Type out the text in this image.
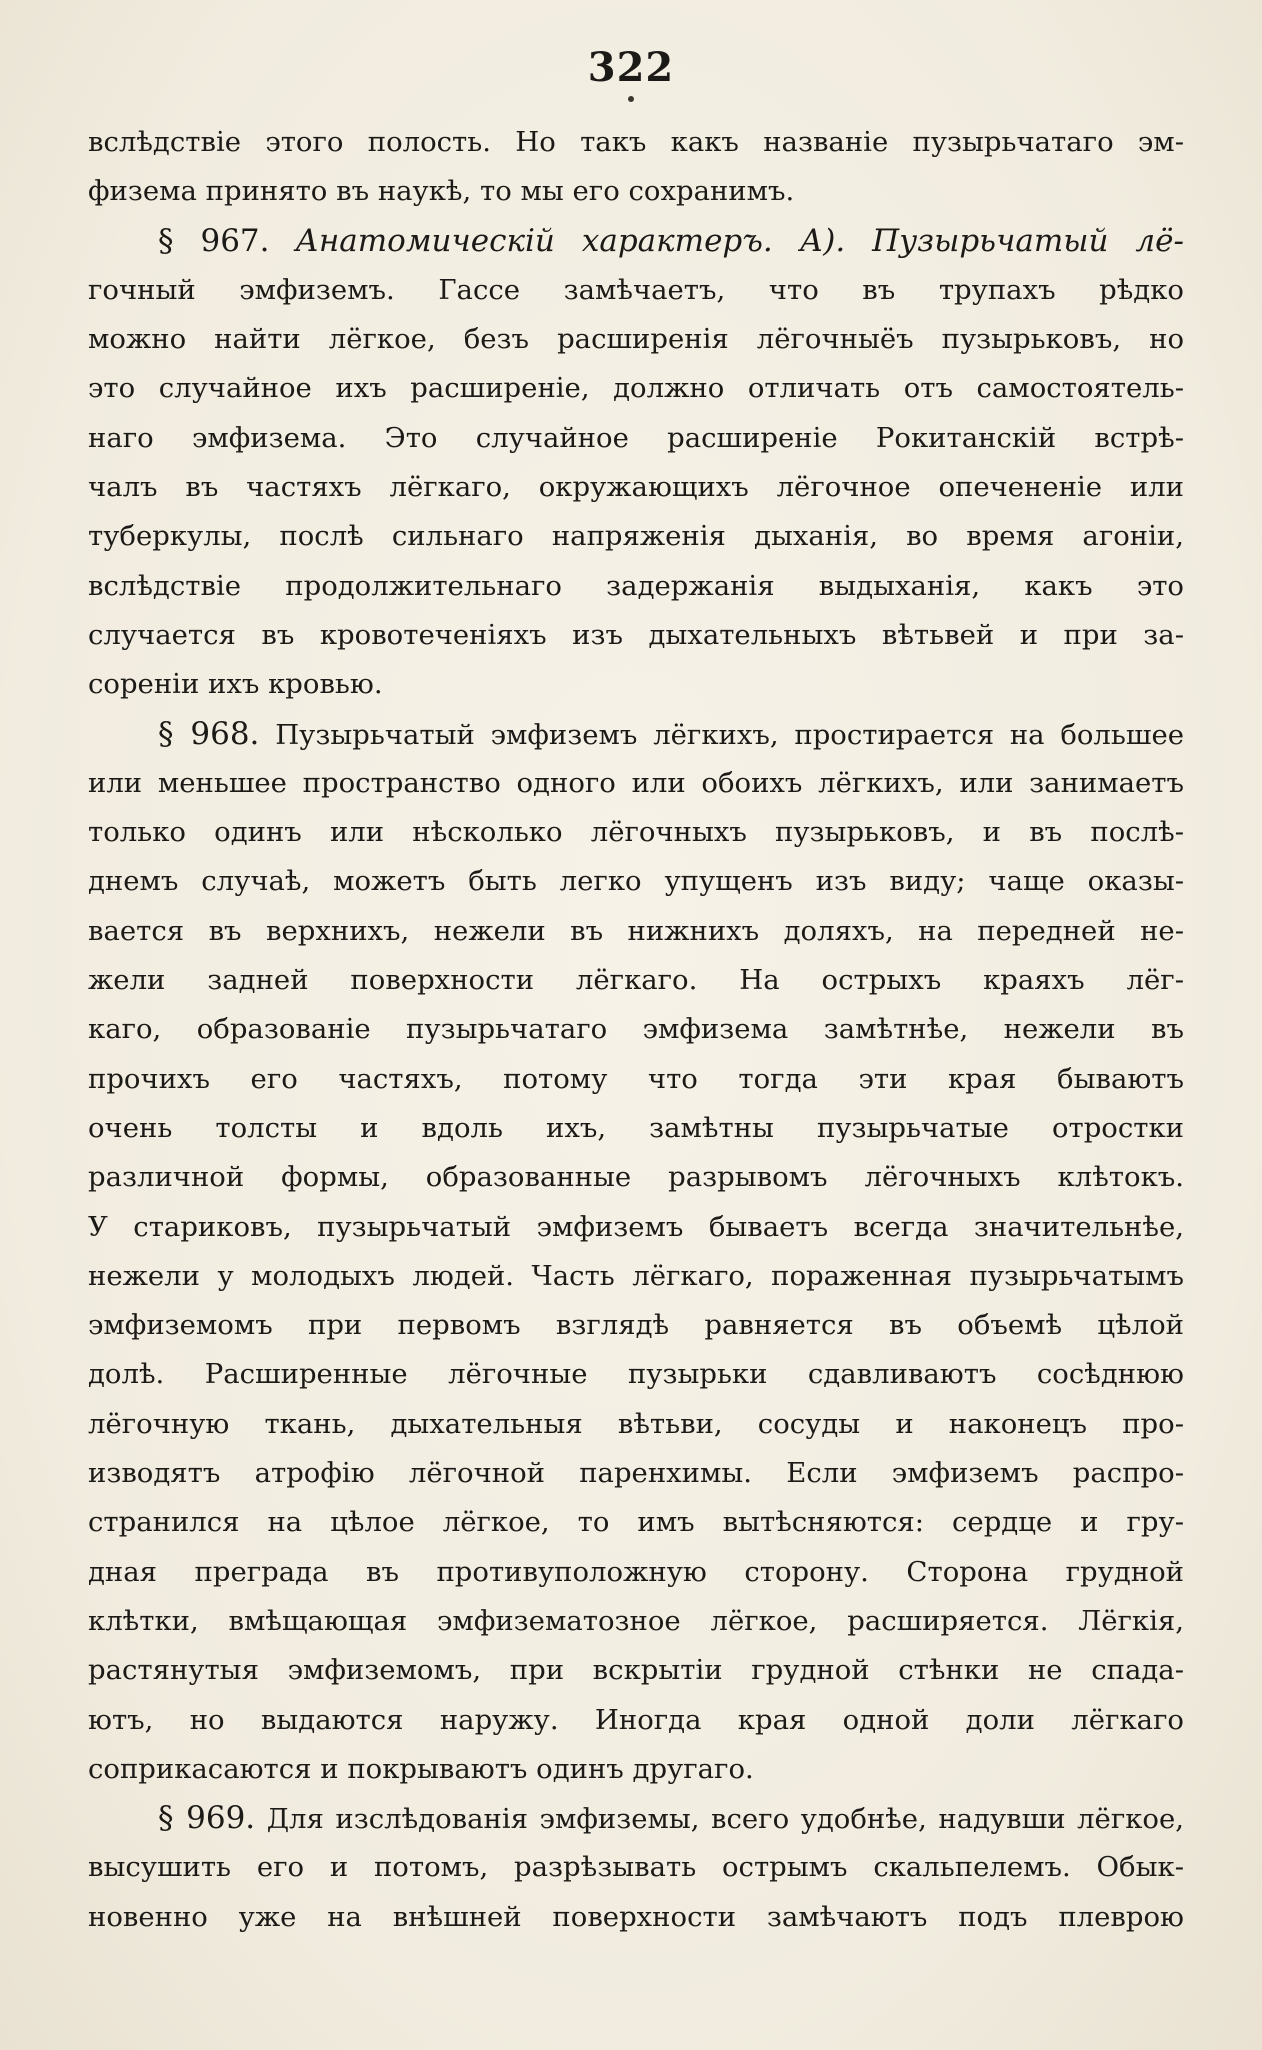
322
вслѣдствіе этого полость. Но такъ какъ названіе пузырьчатаго эм-
физема принято въ наукѣ, то мы его сохранимъ.
§ 967. Анатомическій характеръ. А). Пузырьчатый лё-
гочный эмфиземъ. Гассе замѣчаетъ, что въ трупахъ рѣдко
можно найти лёгкое, безъ расширенія лёгочныёъ пузырьковъ, но
это случайное ихъ расширеніе, должно отличать отъ самостоятель-
наго эмфизема. Это случайное расширеніе Рокитанскій встрѣ-
чалъ въ частяхъ лёгкаго, окружающихъ лёгочное опечененіе или
туберкулы, послѣ сильнаго напряженія дыханія, во время агоніи,
вслѣдствіе продолжительнаго задержанія выдыханія, какъ это
случается въ кровотеченіяхъ изъ дыхательныхъ вѣтьвей и при за-
сореніи ихъ кровью.
§ 968. Пузырьчатый эмфиземъ лёгкихъ, простирается на большее
или меньшее пространство одного или обоихъ лёгкихъ, или занимаетъ
только одинъ или нѣсколько лёгочныхъ пузырьковъ, и въ послѣ-
днемъ случаѣ, можетъ быть легко упущенъ изъ виду; чаще оказы-
вается въ верхнихъ, нежели въ нижнихъ доляхъ, на передней не-
жели задней поверхности лёгкаго. На острыхъ краяхъ лёг-
каго, образованіе пузырьчатаго эмфизема замѣтнѣе, нежели въ
прочихъ его частяхъ, потому что тогда эти края бываютъ
очень толсты и вдоль ихъ, замѣтны пузырьчатые отростки
различной формы, образованные разрывомъ лёгочныхъ клѣтокъ.
У стариковъ, пузырьчатый эмфиземъ бываетъ всегда значительнѣе,
нежели у молодыхъ людей. Часть лёгкаго, пораженная пузырьчатымъ
эмфиземомъ при первомъ взглядѣ равняется въ объемѣ цѣлой
долѣ. Расширенные лёгочные пузырьки сдавливаютъ сосѣднюю
лёгочную ткань, дыхательныя вѣтьви, сосуды и наконецъ про-
изводятъ атрофію лёгочной паренхимы. Если эмфиземъ распро-
странился на цѣлое лёгкое, то имъ вытѣсняются: сердце и гру-
дная преграда въ противуположную сторону. Сторона грудной
клѣтки, вмѣщающая эмфизематозное лёгкое, расширяется. Лёгкія,
растянутыя эмфиземомъ, при вскрытіи грудной стѣнки не спада-
ютъ, но выдаются наружу. Иногда края одной доли лёгкаго
соприкасаются и покрываютъ одинъ другаго.
§ 969. Для изслѣдованія эмфиземы, всего удобнѣе, надувши лёгкое,
высушить его и потомъ, разрѣзывать острымъ скальпелемъ. Обык-
новенно уже на внѣшней поверхности замѣчаютъ подъ плеврою
